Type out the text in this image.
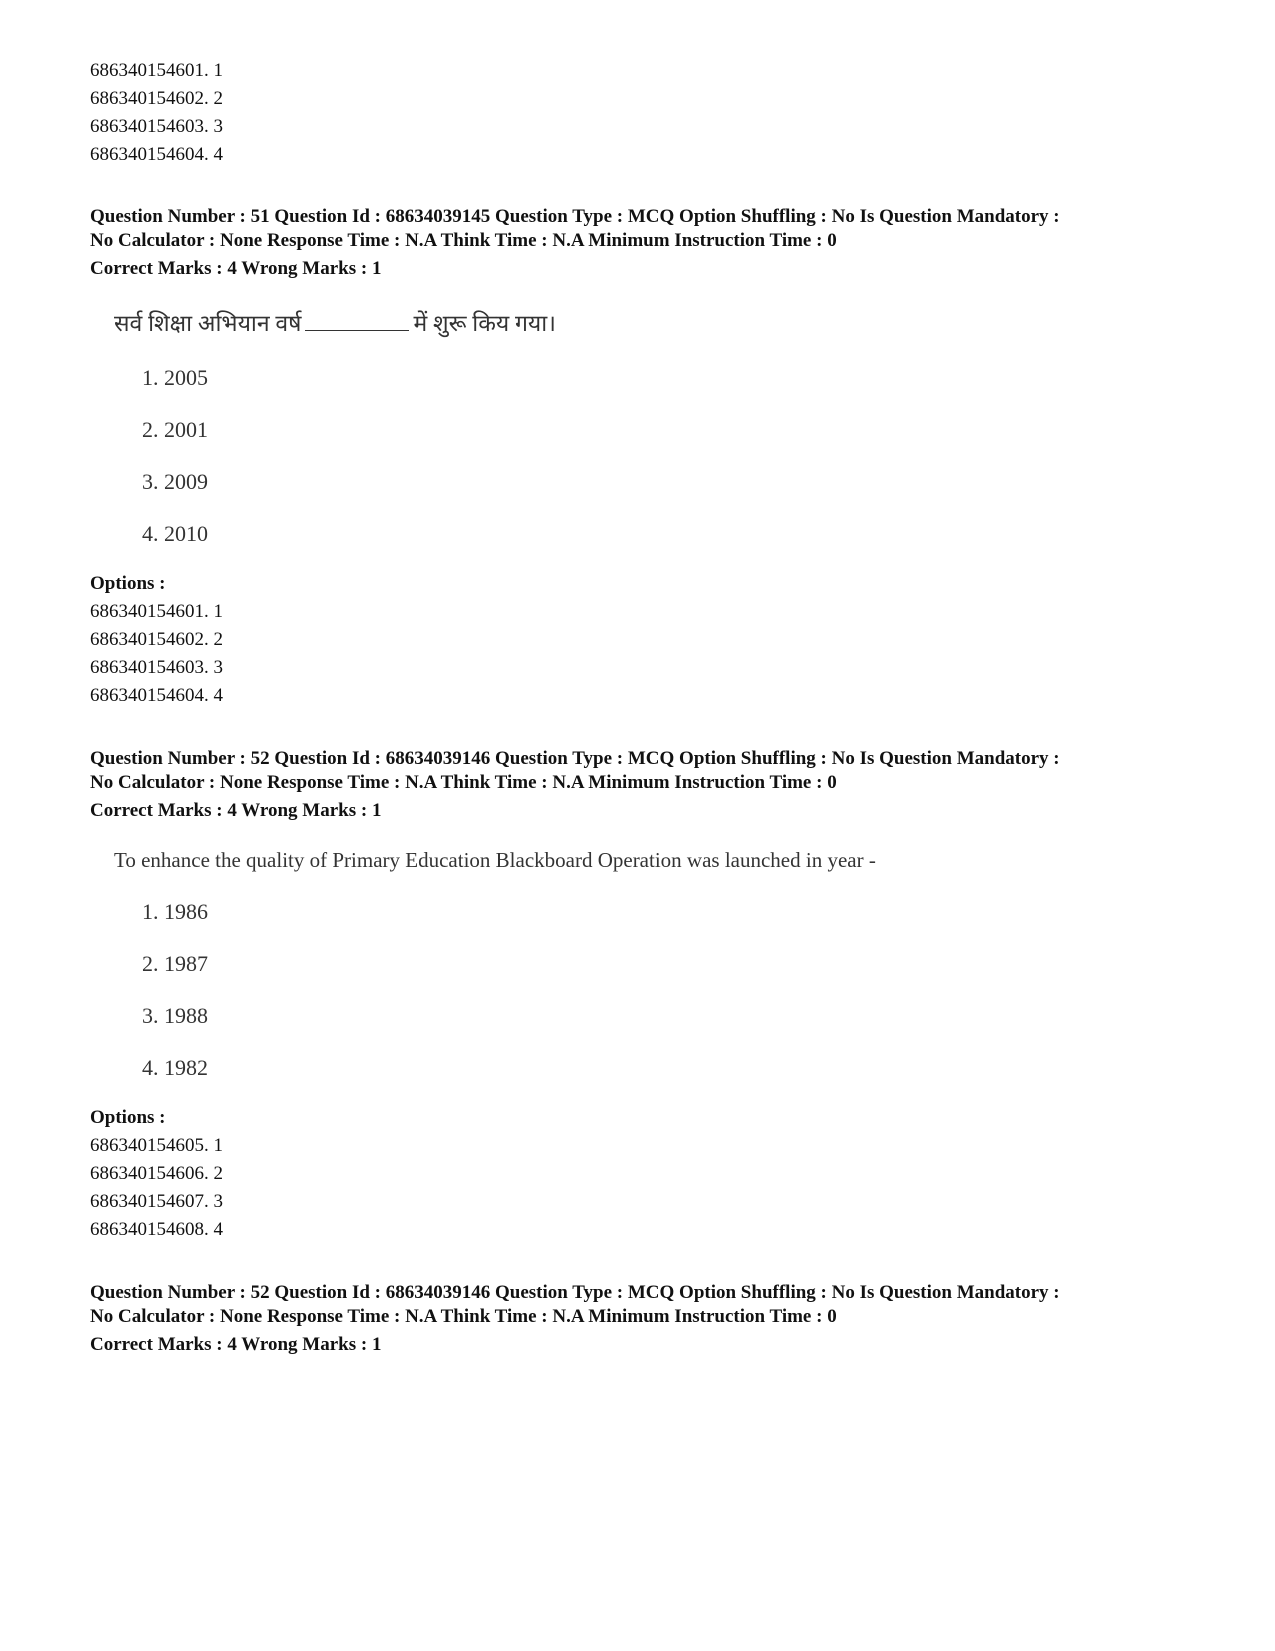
686340154601. 1
686340154602. 2
686340154603. 3
686340154604. 4
Question Number : 51 Question Id : 68634039145 Question Type : MCQ Option Shuffling : No Is Question Mandatory :
No Calculator : None Response Time : N.A Think Time : N.A Minimum Instruction Time : 0
Correct Marks : 4 Wrong Marks : 1
सर्व शिक्षा अभियान वर्ष	में शुरू किय गया।
1. 2005
2. 2001
3. 2009
4. 2010
Options :
686340154601. 1
686340154602. 2
686340154603. 3
686340154604. 4
Question Number : 52 Question Id : 68634039146 Question Type : MCQ Option Shuffling : No Is Question Mandatory :
No Calculator : None Response Time : N.A Think Time : N.A Minimum Instruction Time : 0
Correct Marks : 4 Wrong Marks : 1
To enhance the quality of Primary Education Blackboard Operation was launched in year -
1. 1986
2. 1987
3. 1988
4. 1982
Options :
686340154605. 1
686340154606. 2
686340154607. 3
686340154608. 4
Question Number : 52 Question Id : 68634039146 Question Type : MCQ Option Shuffling : No Is Question Mandatory :
No Calculator : None Response Time : N.A Think Time : N.A Minimum Instruction Time : 0
Correct Marks : 4 Wrong Marks : 1
